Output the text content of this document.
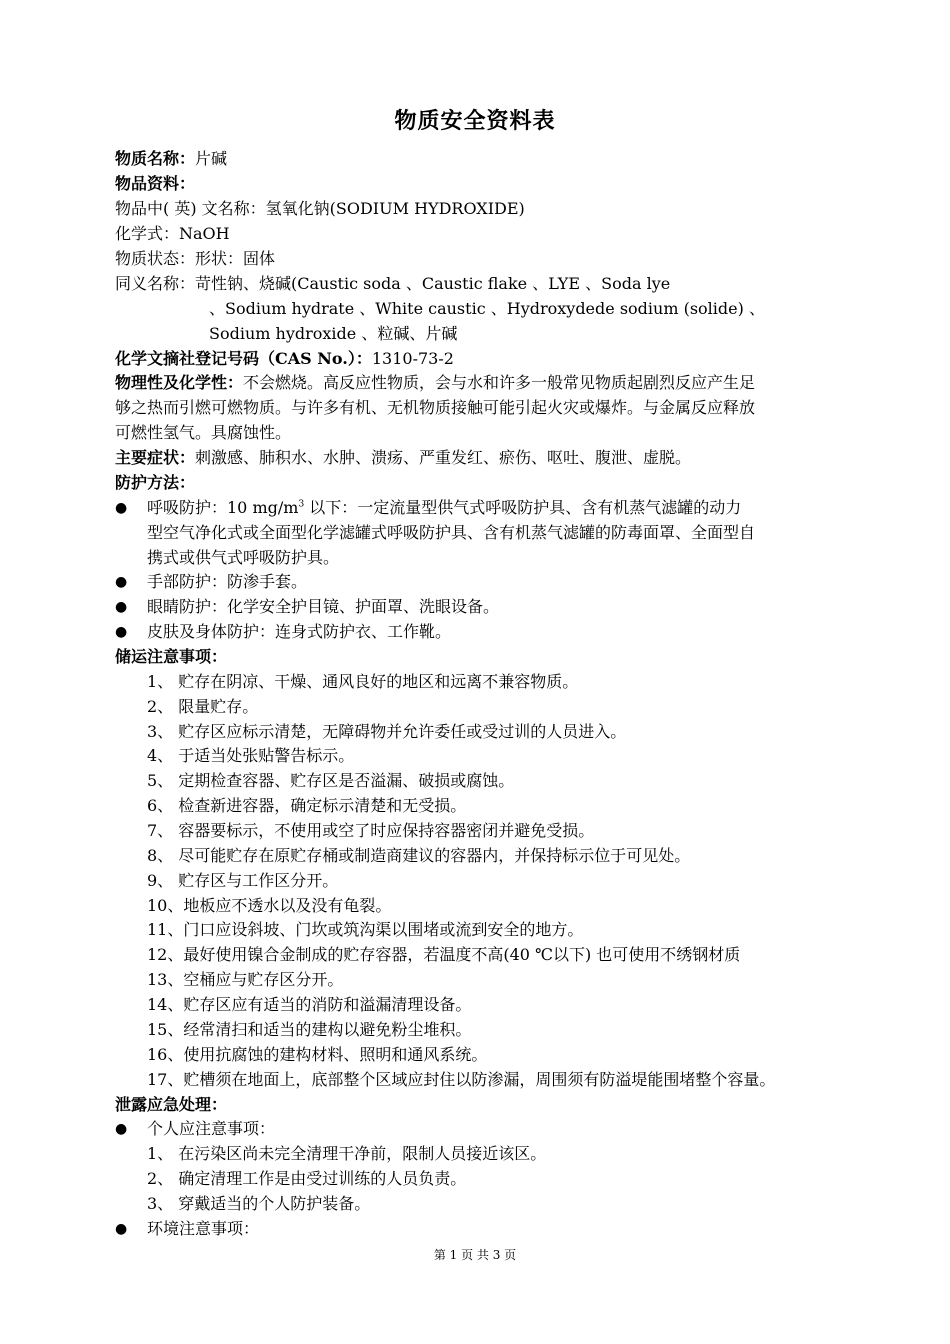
物质安全资料表
物质名称：片碱
物品资料：
物品中( 英) 文名称：氢氧化钠(SODIUM HYDROXIDE)
化学式：NaOH
物质状态：形状：固体
同义名称：苛性钠、烧碱(Caustic soda 、Caustic flake 、LYE 、Soda lye
、Sodium hydrate 、White caustic 、Hydroxydede sodium (solide) 、
Sodium hydroxide 、粒碱、片碱
化学文摘社登记号码（CAS No.）：1310-73-2
物理性及化学性：不会燃烧。高反应性物质，会与水和许多一般常见物质起剧烈反应产生足
够之热而引燃可燃物质。与许多有机、无机物质接触可能引起火灾或爆炸。与金属反应释放
可燃性氢气。具腐蚀性。
主要症状：刺激感、肺积水、水肿、溃疡、严重发红、瘀伤、呕吐、腹泄、虚脱。
防护方法：
● 呼吸防护：10 $mg/m^3$ 以下：一定流量型供气式呼吸防护具、含有机蒸气滤罐的动力
型空气净化式或全面型化学滤罐式呼吸防护具、含有机蒸气滤罐的防毒面罩、全面型自
携式或供气式呼吸防护具。
● 手部防护：防渗手套。
● 眼睛防护：化学安全护目镜、护面罩、洗眼设备。
● 皮肤及身体防护：连身式防护衣、工作靴。
储运注意事项：
1、 贮存在阴凉、干燥、通风良好的地区和远离不兼容物质。
2、 限量贮存。
3、 贮存区应标示清楚，无障碍物并允许委任或受过训的人员进入。
4、 于适当处张贴警告标示。
5、 定期检查容器、贮存区是否溢漏、破损或腐蚀。
6、 检查新进容器，确定标示清楚和无受损。
7、 容器要标示，不使用或空了时应保持容器密闭并避免受损。
8、 尽可能贮存在原贮存桶或制造商建议的容器内，并保持标示位于可见处。
9、 贮存区与工作区分开。
10、地板应不透水以及没有龟裂。
11、门口应设斜坡、门坎或筑沟渠以围堵或流到安全的地方。
12、最好使用镍合金制成的贮存容器，若温度不高(40 ℃以下) 也可使用不绣钢材质
13、空桶应与贮存区分开。
14、贮存区应有适当的消防和溢漏清理设备。
15、经常清扫和适当的建构以避免粉尘堆积。
16、使用抗腐蚀的建构材料、照明和通风系统。
17、贮槽须在地面上，底部整个区域应封住以防渗漏，周围须有防溢堤能围堵整个容量。
泄露应急处理：
● 个人应注意事项：
1、 在污染区尚未完全清理干净前，限制人员接近该区。
2、 确定清理工作是由受过训练的人员负责。
3、 穿戴适当的个人防护装备。
● 环境注意事项：
第 1 页 共 3 页
